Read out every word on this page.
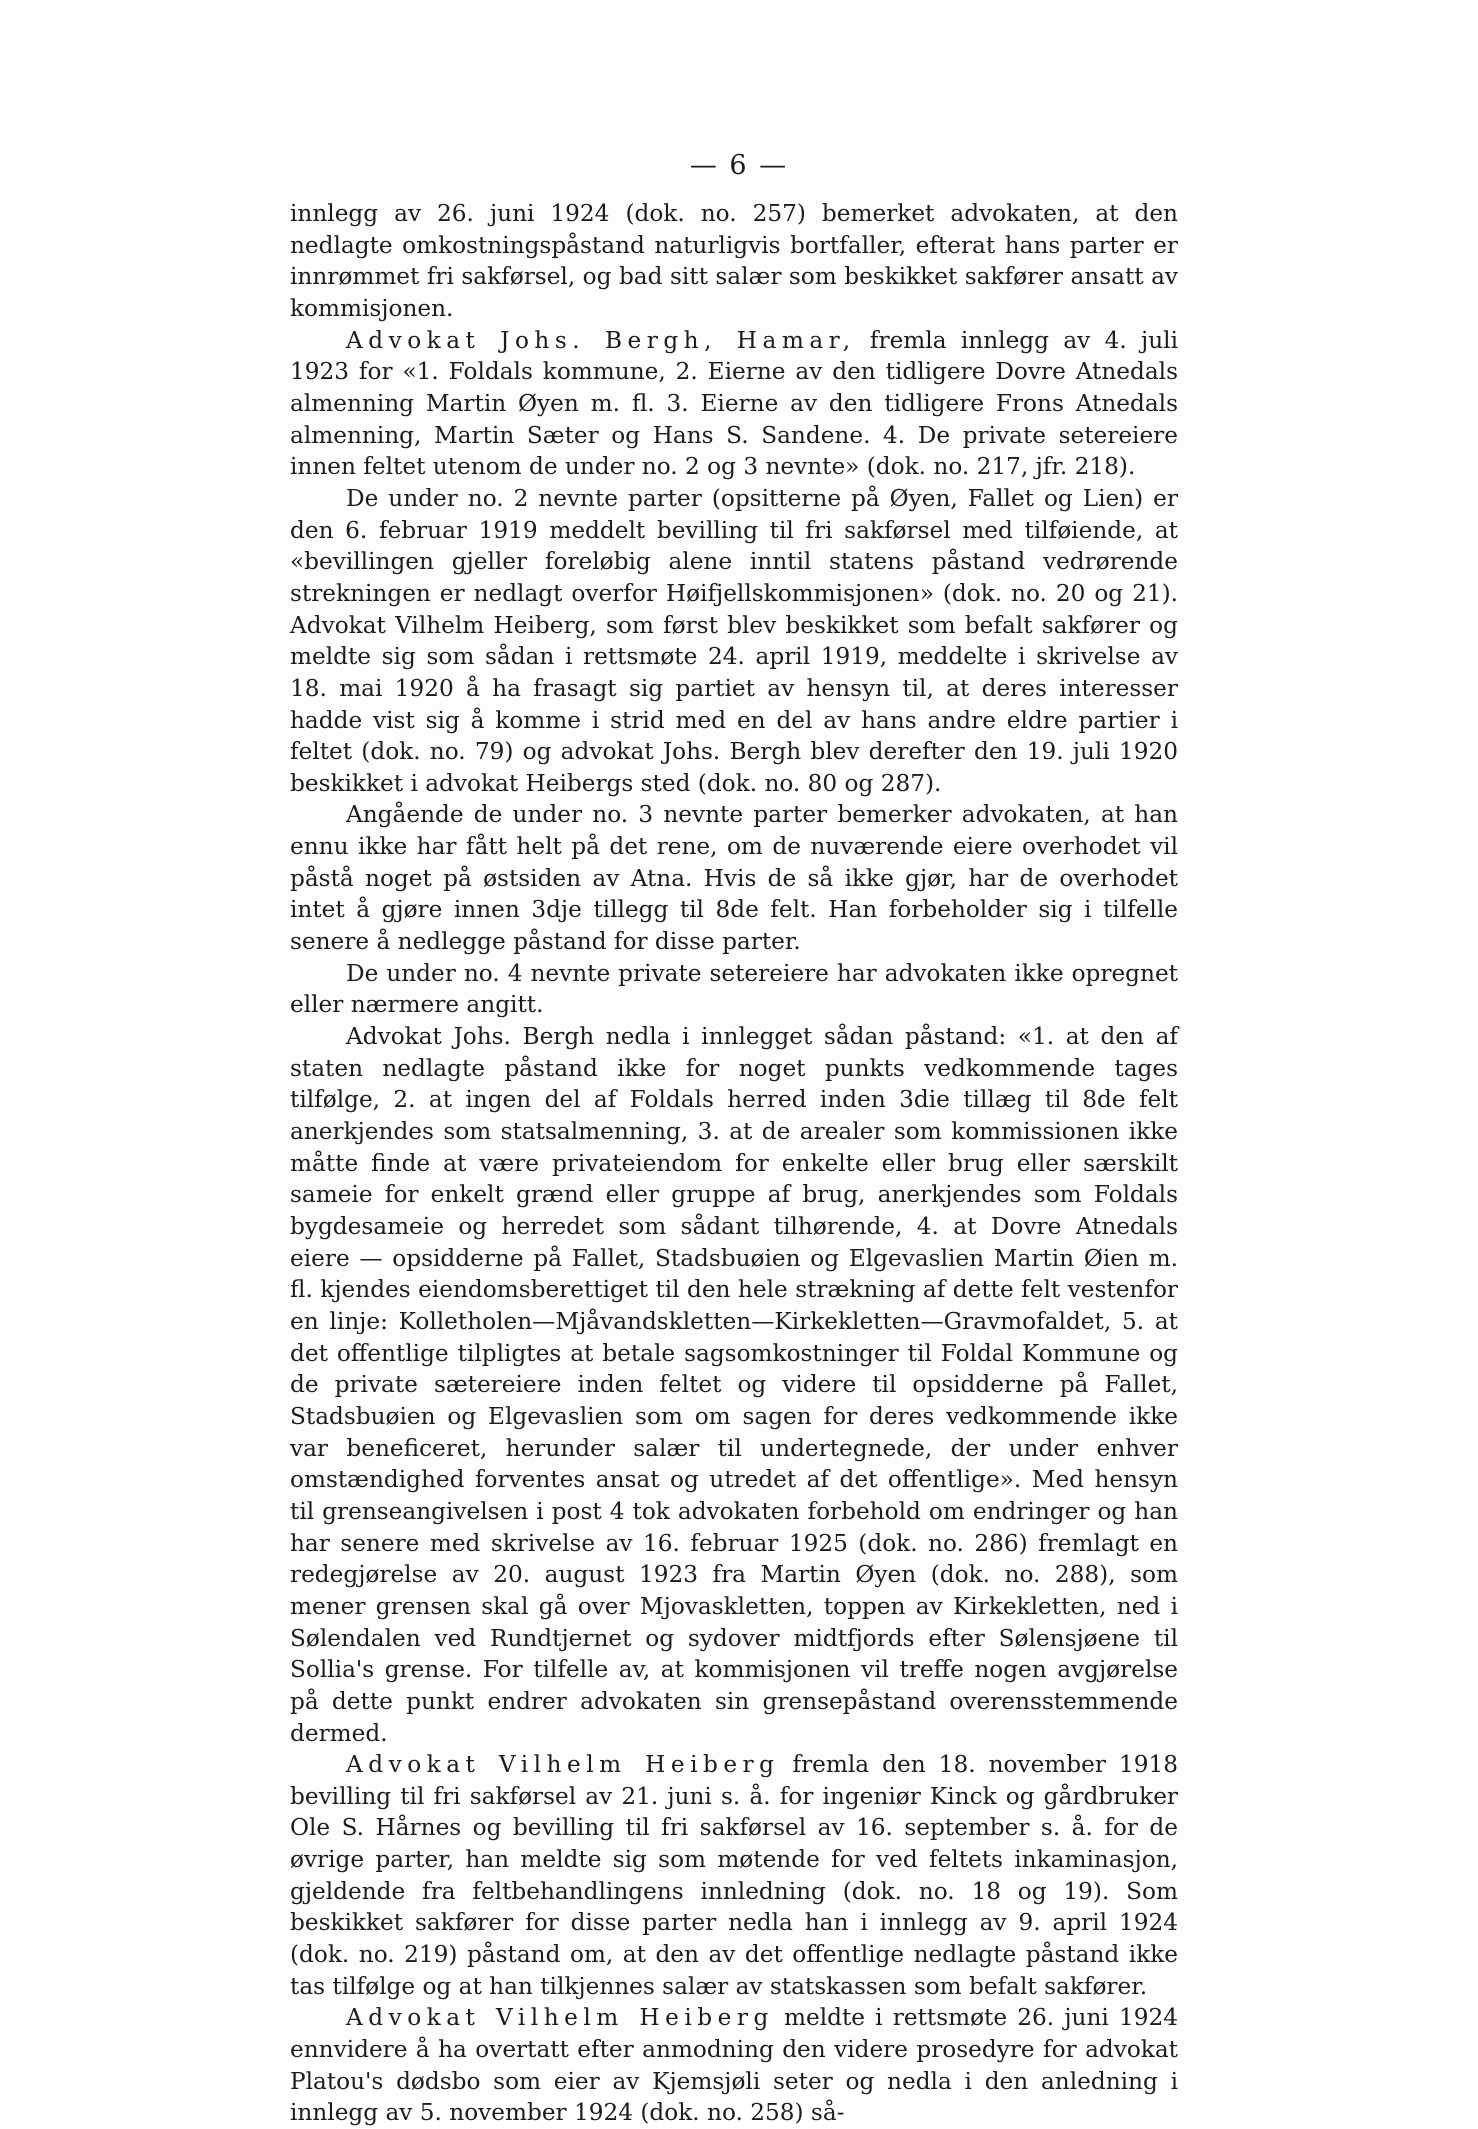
— 6 —

innlegg av 26. juni 1924 (dok. no. 257) bemerket advokaten, at den nedlagte omkostningspåstand naturligvis bortfaller, efterat hans parter er innrømmet fri sakførsel, og bad sitt salær som beskikket sakfører ansatt av kommisjonen.

Advokat Johs. Bergh, Hamar, fremla innlegg av 4. juli 1923 for «1. Foldals kommune, 2. Eierne av den tidligere Dovre Atnedals almenning Martin Øyen m. fl. 3. Eierne av den tidligere Frons Atnedals almenning, Martin Sæter og Hans S. Sandene. 4. De private setereiere innen feltet utenom de under no. 2 og 3 nevnte» (dok. no. 217, jfr. 218).

De under no. 2 nevnte parter (opsitterne på Øyen, Fallet og Lien) er den 6. februar 1919 meddelt bevilling til fri sakførsel med tilføiende, at «bevillingen gjeller foreløbig alene inntil statens påstand vedrørende strekningen er nedlagt overfor Høifjellskommisjonen» (dok. no. 20 og 21). Advokat Vilhelm Heiberg, som først blev beskikket som befalt sakfører og meldte sig som sådan i rettsmøte 24. april 1919, meddelte i skrivelse av 18. mai 1920 å ha frasagt sig partiet av hensyn til, at deres interesser hadde vist sig å komme i strid med en del av hans andre eldre partier i feltet (dok. no. 79) og advokat Johs. Bergh blev derefter den 19. juli 1920 beskikket i advokat Heibergs sted (dok. no. 80 og 287).

Angående de under no. 3 nevnte parter bemerker advokaten, at han ennu ikke har fått helt på det rene, om de nuværende eiere overhodet vil påstå noget på østsiden av Atna. Hvis de så ikke gjør, har de overhodet intet å gjøre innen 3dje tillegg til 8de felt. Han forbeholder sig i tilfelle senere å nedlegge påstand for disse parter.

De under no. 4 nevnte private setereiere har advokaten ikke opregnet eller nærmere angitt.

Advokat Johs. Bergh nedla i innlegget sådan påstand: «1. at den af staten nedlagte påstand ikke for noget punkts vedkommende tages tilfølge, 2. at ingen del af Foldals herred inden 3die tillæg til 8de felt anerkjendes som statsalmenning, 3. at de arealer som kommissionen ikke måtte finde at være privateiendom for enkelte eller brug eller særskilt sameie for enkelt grænd eller gruppe af brug, anerkjendes som Foldals bygdesameie og herredet som sådant tilhørende, 4. at Dovre Atnedals eiere — opsidderne på Fallet, Stadsbuøien og Elgevaslien Martin Øien m. fl. kjendes eiendomsberettiget til den hele strækning af dette felt vestenfor en linje: Kolletholen—Mjåvandskletten—Kirkekletten—Gravmofaldet, 5. at det offentlige tilpligtes at betale sagsomkostninger til Foldal Kommune og de private sætereiere inden feltet og videre til opsidderne på Fallet, Stadsbuøien og Elgevaslien som om sagen for deres vedkommende ikke var beneficeret, herunder salær til undertegnede, der under enhver omstændighed forventes ansat og utredet af det offentlige». Med hensyn til grenseangivelsen i post 4 tok advokaten forbehold om endringer og han har senere med skrivelse av 16. februar 1925 (dok. no. 286) fremlagt en redegjørelse av 20. august 1923 fra Martin Øyen (dok. no. 288), som mener grensen skal gå over Mjovaskletten, toppen av Kirkekletten, ned i Sølendalen ved Rundtjernet og sydover midtfjords efter Sølensjøene til Sollia's grense. For tilfelle av, at kommisjonen vil treffe nogen avgjørelse på dette punkt endrer advokaten sin grensepåstand overensstemmende dermed.

Advokat Vilhelm Heiberg fremla den 18. november 1918 bevilling til fri sakførsel av 21. juni s. å. for ingeniør Kinck og gårdbruker Ole S. Hårnes og bevilling til fri sakførsel av 16. september s. å. for de øvrige parter, han meldte sig som møtende for ved feltets inkaminasjon, gjeldende fra feltbehandlingens innledning (dok. no. 18 og 19). Som beskikket sakfører for disse parter nedla han i innlegg av 9. april 1924 (dok. no. 219) påstand om, at den av det offentlige nedlagte påstand ikke tas tilfølge og at han tilkjennes salær av statskassen som befalt sakfører.

Advokat Vilhelm Heiberg meldte i rettsmøte 26. juni 1924 ennvidere å ha overtatt efter anmodning den videre prosedyre for advokat Platou's dødsbo som eier av Kjemsjøli seter og nedla i den anledning i innlegg av 5. november 1924 (dok. no. 258) så-
